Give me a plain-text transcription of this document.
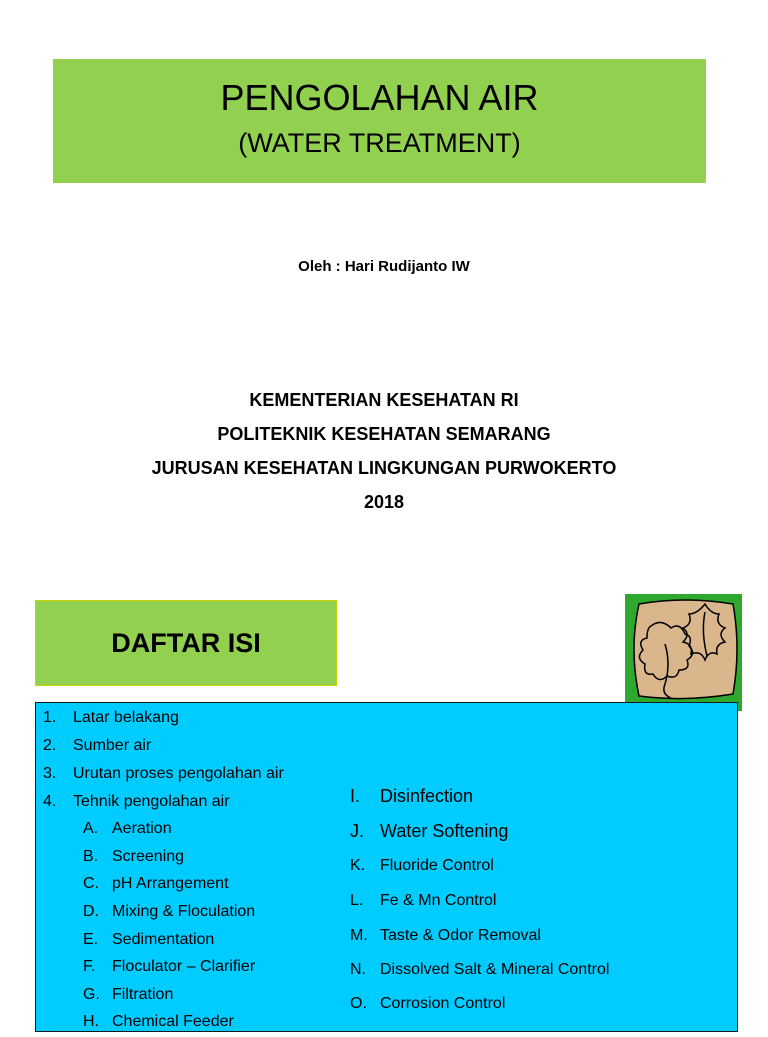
PENGOLAHAN AIR
(WATER TREATMENT)
Oleh : Hari Rudijanto IW
KEMENTERIAN KESEHATAN RI
POLITEKNIK KESEHATAN SEMARANG
JURUSAN KESEHATAN LINGKUNGAN PURWOKERTO
2018
DAFTAR ISI
1.	Latar belakang
2.	Sumber air
3.	Urutan proses pengolahan air
4.	Tehnik pengolahan air
A. Aeration
B. Screening
C. pH Arrangement
D. Mixing & Floculation
E. Sedimentation
F.	Floculator – Clarifier
G. Filtration
H. Chemical Feeder
I.	Disinfection
J. Water Softening
K. Fluoride Control
L.	Fe & Mn Control
M. Taste & Odor Removal
N. Dissolved Salt & Mineral Control
O. Corrosion Control
